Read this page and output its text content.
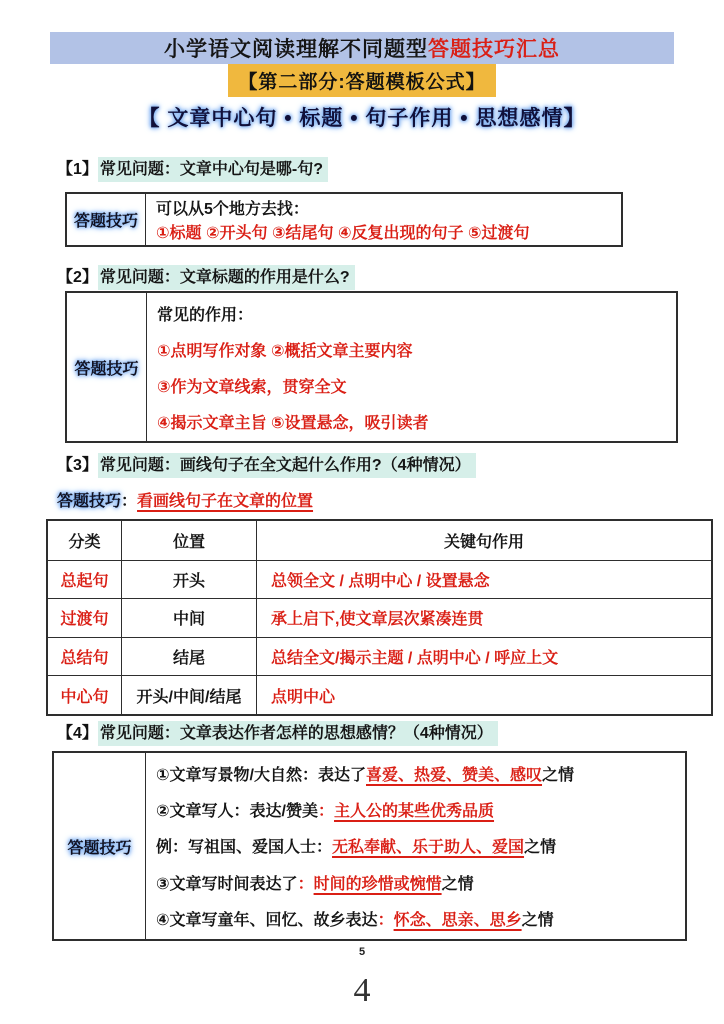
小学语文阅读理解不同题型 答题技巧汇总
【第二部分:答题模板公式】
【 文章中心句 • 标题 • 句子作用 • 思想感情】
【1】 常见问题：文章中心句是哪-句?
答题技巧
可以从5个地方去找：
①标题 ②开头句 ③结尾句 ④反复出现的句子 ⑤过渡句
【2】 常见问题：文章标题的作用是什么?
答题技巧
常见的作用：
①点明写作对象 ②概括文章主要内容
③作为文章线索，贯穿全文
④揭示文章主旨 ⑤设置悬念，吸引读者
【3】 常见问题：画线句子在全文起什么作用?（4种情况）
答题技巧：看画线句子在文章的位置
分类	位置	关键句作用
总起句	开头	总领全文 / 点明中心 / 设置悬念
过渡句	中间	承上启下,使文章层次紧凑连贯
总结句	结尾	总结全文/揭示主题 / 点明中心 / 呼应上文
中心句	开头/中间/结尾	点明中心
【4】 常见问题：文章表达作者怎样的思想感情？（4种情况）
答题技巧
①文章写景物/大自然：表达了喜爱、热爱、赞美、感叹之情
②文章写人：表达/赞美：主人公的某些优秀品质
例：写祖国、爱国人士：无私奉献、乐于助人、爱国之情
③文章写时间表达了：时间的珍惜或惋惜之情
④文章写童年、回忆、故乡表达：怀念、思亲、思乡之情
5
4
